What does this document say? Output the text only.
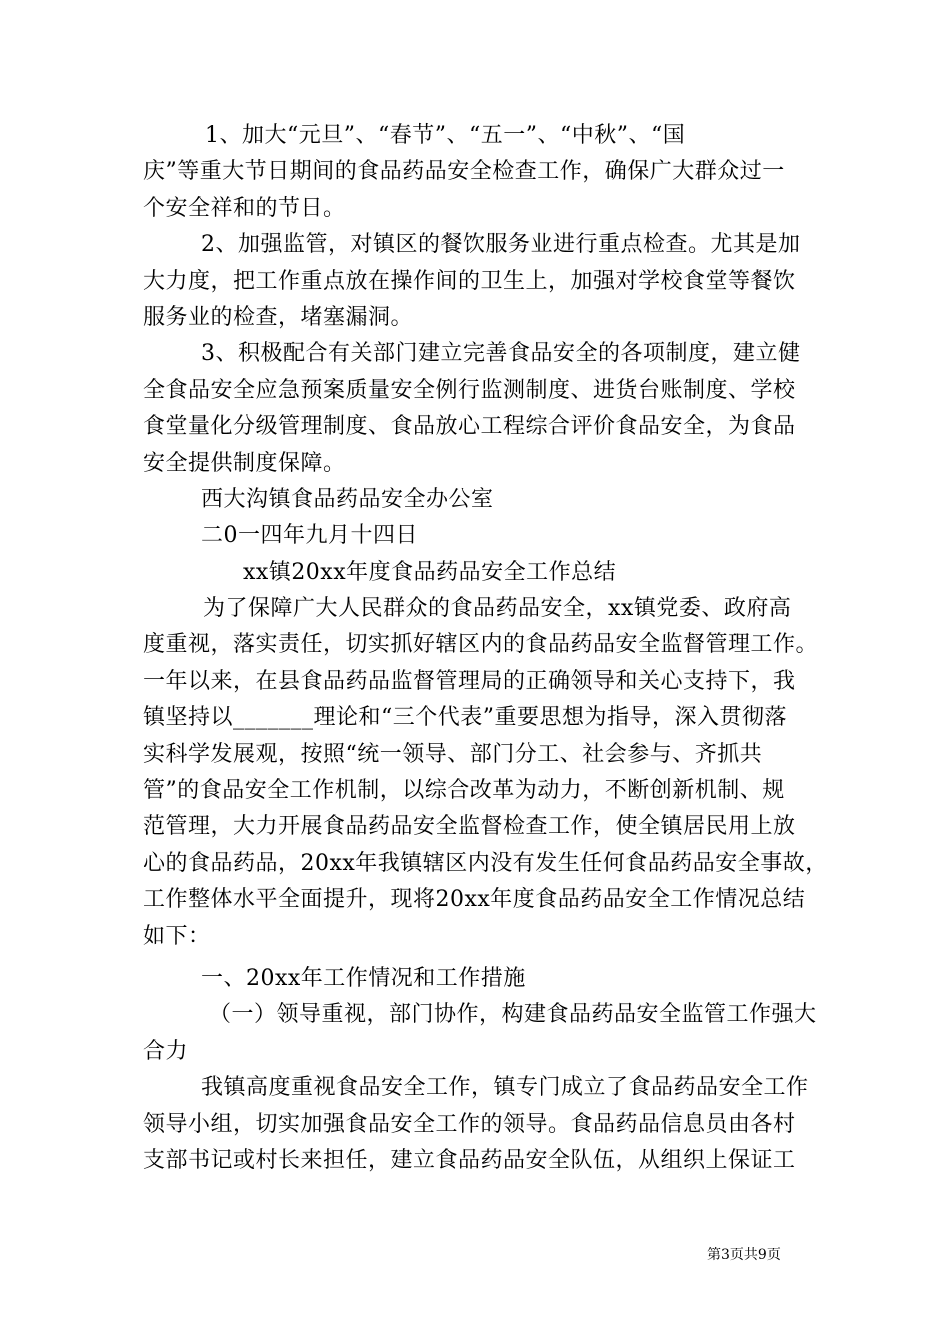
1、加大“元旦”、“春节”、“五一”、“中秋”、“国
庆”等重大节日期间的食品药品安全检查工作，确保广大群众过一
个安全祥和的节日。
2、加强监管，对镇区的餐饮服务业进行重点检查。尤其是加
大力度，把工作重点放在操作间的卫生上，加强对学校食堂等餐饮
服务业的检查，堵塞漏洞。
3、积极配合有关部门建立完善食品安全的各项制度，建立健
全食品安全应急预案质量安全例行监测制度、进货台账制度、学校
食堂量化分级管理制度、食品放心工程综合评价食品安全，为食品
安全提供制度保障。
西大沟镇食品药品安全办公室
二0一四年九月十四日
xx镇20xx年度食品药品安全工作总结
为了保障广大人民群众的食品药品安全，xx镇党委、政府高
度重视，落实责任，切实抓好辖区内的食品药品安全监督管理工作。
一年以来，在县食品药品监督管理局的正确领导和关心支持下，我
镇坚持以_______理论和“三个代表”重要思想为指导，深入贯彻落
实科学发展观，按照“统一领导、部门分工、社会参与、齐抓共
管”的食品安全工作机制，以综合改革为动力，不断创新机制、规
范管理，大力开展食品药品安全监督检查工作，使全镇居民用上放
心的食品药品，20xx年我镇辖区内没有发生任何食品药品安全事故，
工作整体水平全面提升，现将20xx年度食品药品安全工作情况总结
如下：
一、20xx年工作情况和工作措施
（一）领导重视，部门协作，构建食品药品安全监管工作强大
合力
我镇高度重视食品安全工作，镇专门成立了食品药品安全工作
领导小组，切实加强食品安全工作的领导。食品药品信息员由各村
支部书记或村长来担任，建立食品药品安全队伍，从组织上保证工
第3页共9页
